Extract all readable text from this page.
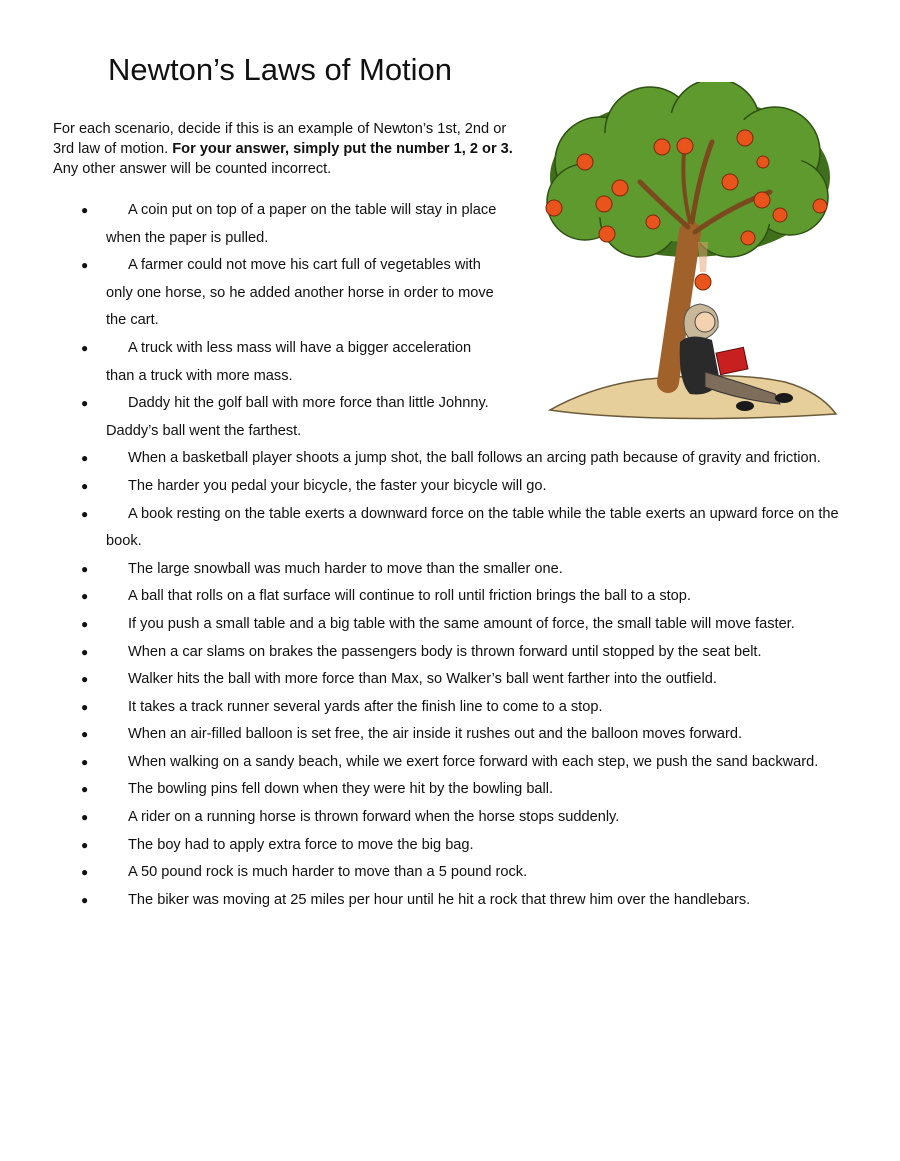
Newton’s Laws of Motion

For each scenario, decide if this is an example of Newton’s 1st, 2nd or 3rd law of motion. For your answer, simply put the number 1, 2 or 3. Any other answer will be counted incorrect.

●	A coin put on top of a paper on the table will stay in place when the paper is pulled.
●	A farmer could not move his cart full of vegetables with only one horse, so he added another horse in order to move the cart.
●	A truck with less mass will have a bigger acceleration than a truck with more mass.
●	Daddy hit the golf ball with more force than little Johnny. Daddy’s ball went the farthest.
●	When a basketball player shoots a jump shot, the ball follows an arcing path because of gravity and friction.
●	The harder you pedal your bicycle, the faster your bicycle will go.
●	A book resting on the table exerts a downward force on the table while the table exerts an upward force on the book.
●	The large snowball was much harder to move than the smaller one.
●	A ball that rolls on a flat surface will continue to roll until friction brings the ball to a stop.
●	If you push a small table and a big table with the same amount of force, the small table will move faster.
●	When a car slams on brakes the passengers body is thrown forward until stopped by the seat belt.
●	Walker hits the ball with more force than Max, so Walker’s ball went farther into the outfield.
●	It takes a track runner several yards after the finish line to come to a stop.
●	When an air-filled balloon is set free, the air inside it rushes out and the balloon moves forward.
●	When walking on a sandy beach, while we exert force forward with each step, we push the sand backward.
●	The bowling pins fell down when they were hit by the bowling ball.
●	A rider on a running horse is thrown forward when the horse stops suddenly.
●	The boy had to apply extra force to move the big bag.
●	A 50 pound rock is much harder to move than a 5 pound rock.
●	The biker was moving at 25 miles per hour until he hit a rock that threw him over the handlebars.
